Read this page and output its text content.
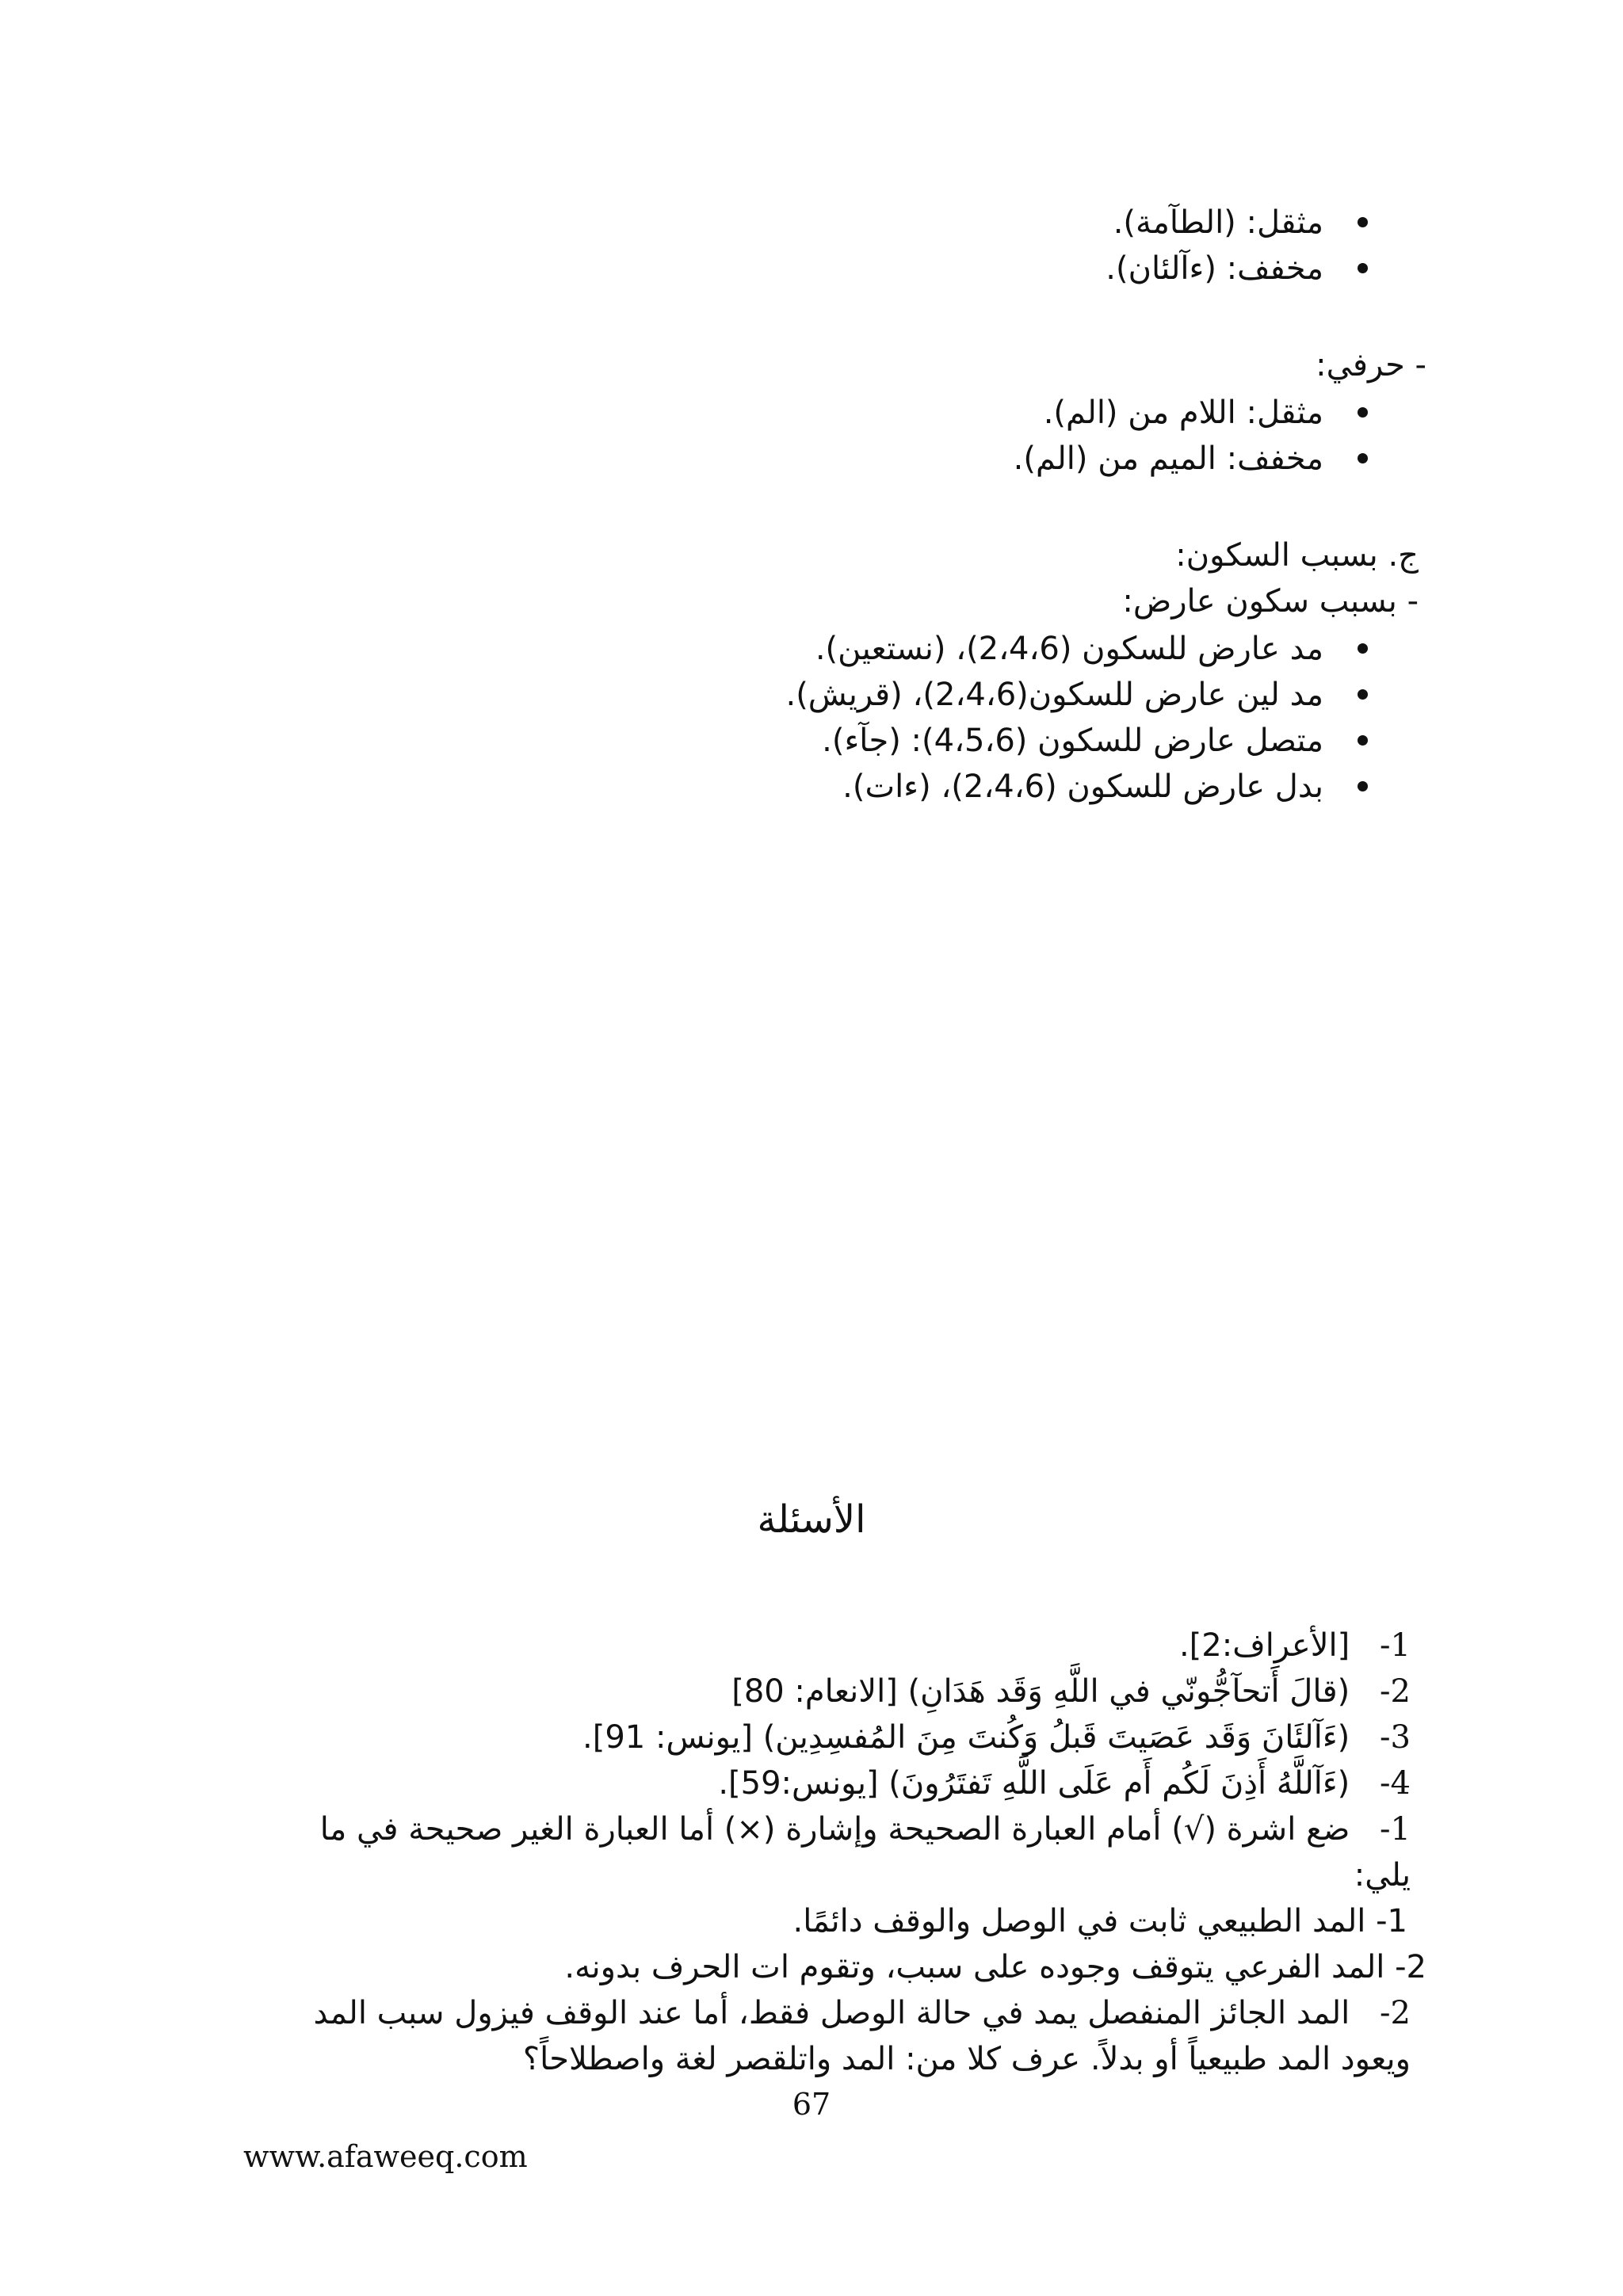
مثقل: (الطآمة).
مخفف: (ءآلئان).
- حرفي:
مثقل: اللام من (الم).
مخفف: الميم من (الم).
ج. بسبب السكون:
- بسبب سكون عارض:
مد عارض للسكون (2،4،6)، (نستعين).
مد لين عارض للسكون(2،4،6)، (قريش).
متصل عارض للسكون (4،5،6): (جآء).
بدل عارض للسكون (2،4،6)، (ءات).
الأسئلة
1- [الأعراف:2].
2- (قالَ أَتحآجُّونّي في اللَّهِ وَقَد هَدَانِ) [الانعام: 80]
3- (ءَآلئَانَ وَقَد عَصَيتَ قَبلُ وَكُنتَ مِنَ المُفسِدِين) [يونس: 91].
4- (ءَآللَّهُ أَذِنَ لَكُم أَم عَلَى اللَّهِ تَفتَرُونَ) [يونس:59].
1- ضع اشرة (√) أمام العبارة الصحيحة وإشارة (×) أما العبارة الغير صحيحة في ما يلي:
1- المد الطبيعي ثابت في الوصل والوقف دائمًا.
2- المد الفرعي يتوقف وجوده على سبب، وتقوم ات الحرف بدونه.
2- المد الجائز المنفصل يمد في حالة الوصل فقط، أما عند الوقف فيزول سبب المد ويعود المد طبيعياً أو بدلاً. عرف كلا من: المد واتلقصر لغة واصطلاحاً؟
67
www.afaweeq.com
